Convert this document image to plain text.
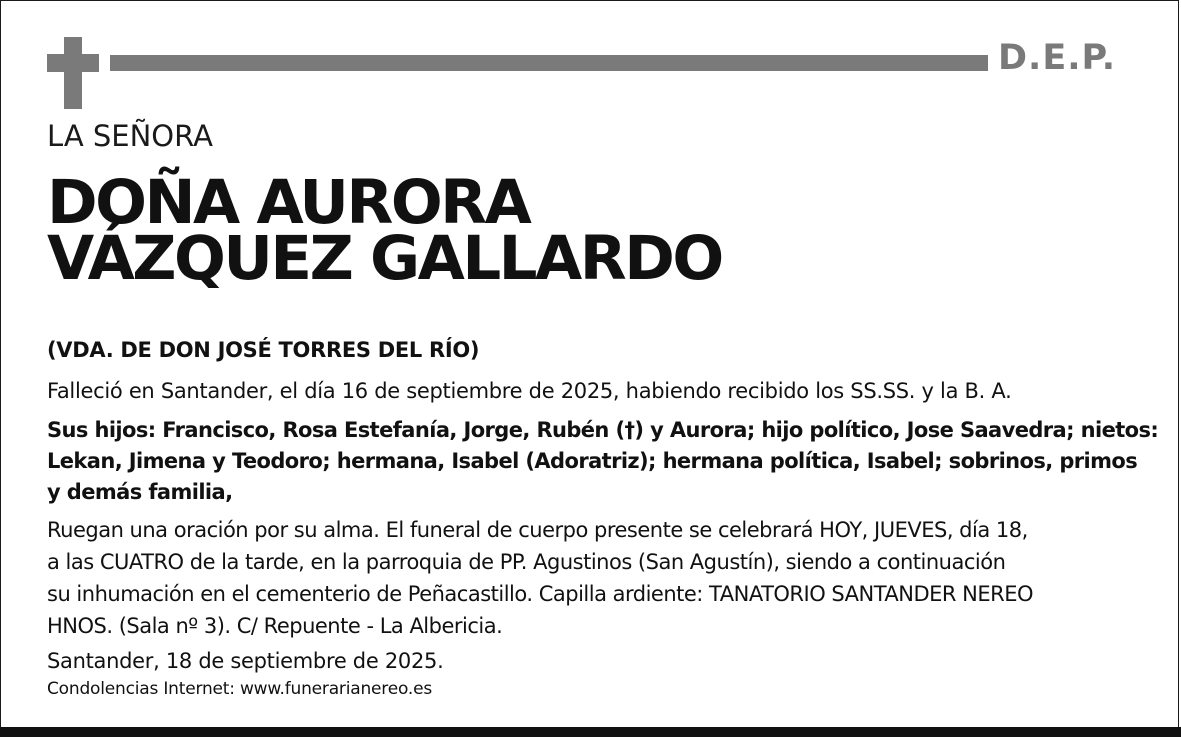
D.E.P.
LA SEÑORA
DOÑA AURORA
VÁZQUEZ GALLARDO
(VDA. DE DON JOSÉ TORRES DEL RÍO)
Falleció en Santander, el día 16 de septiembre de 2025, habiendo recibido los SS.SS. y la B. A.
Sus hijos: Francisco, Rosa Estefanía, Jorge, Rubén (†) y Aurora; hijo político, Jose Saavedra; nietos:
Lekan, Jimena y Teodoro; hermana, Isabel (Adoratriz); hermana política, Isabel; sobrinos, primos
y demás familia,
Ruegan una oración por su alma. El funeral de cuerpo presente se celebrará HOY, JUEVES, día 18,
a las CUATRO de la tarde, en la parroquia de PP. Agustinos (San Agustín), siendo a continuación
su inhumación en el cementerio de Peñacastillo. Capilla ardiente: TANATORIO SANTANDER NEREO
HNOS. (Sala nº 3). C/ Repuente - La Albericia.
Santander, 18 de septiembre de 2025.
Condolencias Internet: www.funerarianereo.es
